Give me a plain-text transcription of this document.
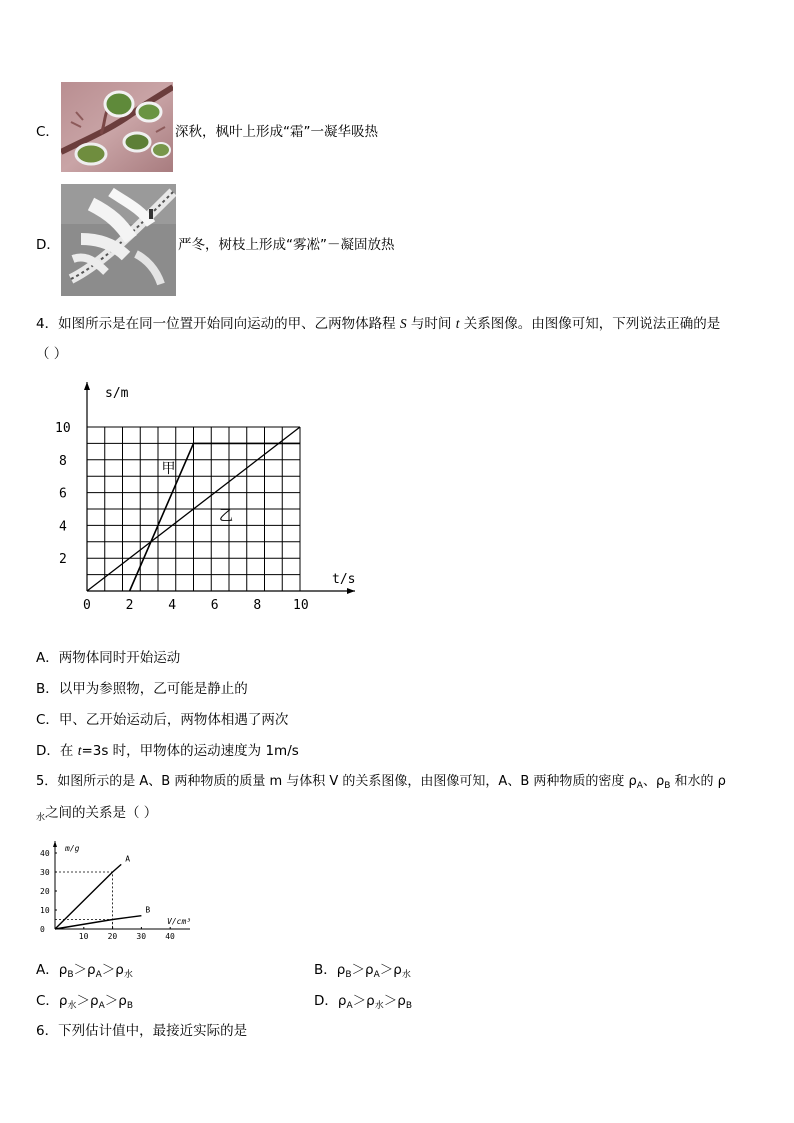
C．	深秋，枫叶上形成“霜”一凝华吸热
D．	严冬，树枝上形成“雾凇”－凝固放热
4．如图所示是在同一位置开始同向运动的甲、乙两物体路程 S 与时间 t 关系图像。由图像可知，下列说法正确的是
（ ）
s/m
t/s
0	2	4	6	8 10
2
4
6
8
10
甲
乙
A．两物体同时开始运动
B．以甲为参照物，乙可能是静止的
C．甲、乙开始运动后，两物体相遇了两次
D．在 t=3s 时，甲物体的运动速度为 1m/s
5．如图所示的是 A、B 两种物质的质量 m 与体积 V 的关系图像，由图像可知，A、B 两种物质的密度 $\rho_A$、$\rho_B$ 和水的 ρ
$_水$之间的关系是（ ）
m/g
V/cm³
0
10
20
30
40
10 20 30 40
A
B
A．$\rho_B>\rho_A>\rho_水$	B．$\rho_B>\rho_A>\rho_水$
C．$\rho_水>\rho_A>\rho_B$	D．$\rho_A>\rho_水>\rho_B$
6．下列估计值中，最接近实际的是
